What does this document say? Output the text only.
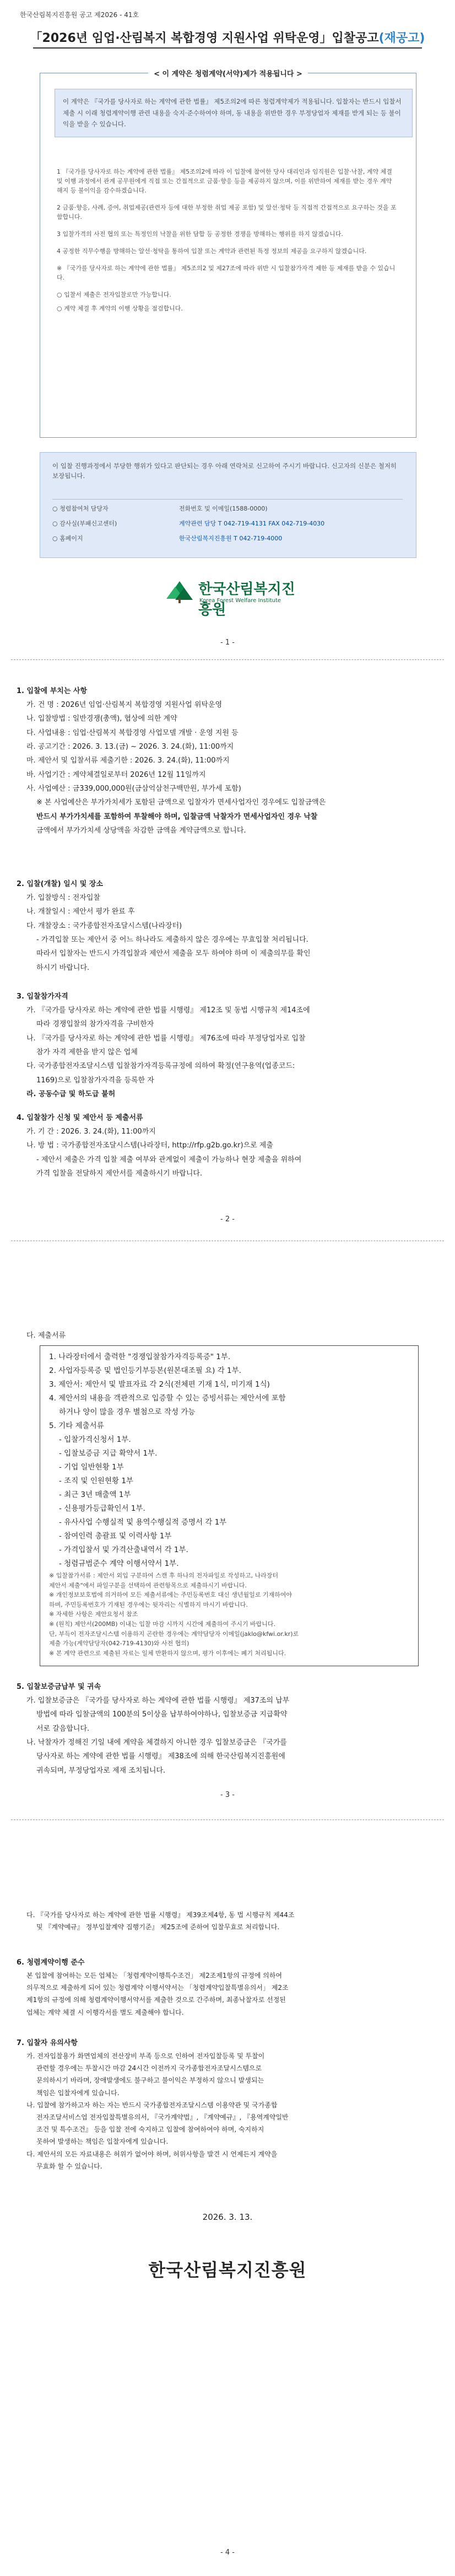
한국산림복지진흥원 공고 제2026 - 41호
「2026년 임업·산림복지 복합경영 지원사업 위탁운영」입찰공고(재공고)
< 이 계약은 청렴계약(서약)제가 적용됩니다 >
이 계약은 『국가를 당사자로 하는 계약에 관한 법률』 제5조의2에 따른 청렴계약제가 적용됩니다. 입찰자는 반드시 입찰서 제출 시 이래 청렴계약이행 관련 내용을 숙지·준수하여야 하며, 동 내용을 위반한 경우 부정당업자 제재를 받게 되는 등 불이익을 받을 수 있습니다.

1 『국가를 당사자로 하는 계약에 관한 법률』 제5조의2에 따라 이 입찰에 참여한 당사 대리인과 임직원은 입찰·낙찰, 계약 체결 및 이행 과정에서 관계 공무원에게 직접 또는 간접적으로 금품·향응 등을 제공하지 않으며, 이를 위반하여 제재를 받는 경우 계약 해지 등 불이익을 감수하겠습니다.

2 금품·향응, 사례, 증여, 취업제공(관련자 등에 대한 부정한 취업 제공 포함) 및 알선·청탁 등 직접적 간접적으로 요구하는 것을 포함합니다.

3 입찰가격의 사전 협의 또는 특정인의 낙찰을 위한 담합 등 공정한 경쟁을 방해하는 행위를 하지 않겠습니다.

4 공정한 직무수행을 방해하는 알선·청탁을 통하여 입찰 또는 계약과 관련된 특정 정보의 제공을 요구하지 않겠습니다.

※ 『국가를 당사자로 하는 계약에 관한 법률』 제5조의2 및 제27조에 따라 위반 시 입찰참가자격 제한 등 제재를 받을 수 있습니다.

○ 입찰서 제출은 전자입찰로만 가능합니다.

○ 계약 체결 후 계약의 이행 상황을 점검합니다.

이 입찰 진행과정에서 부당한 행위가 있다고 판단되는 경우 아래 연락처로 신고하여 주시기 바랍니다. 신고자의 신분은 철저히 보장됩니다.
○ 청렴참여처 담당자	전화번호 및 이메일(1588-0000)
○ 감사실(부패신고센터)	계약관련 담당 T 042-719-4131 FAX 042-719-4030
○ 홈페이지	한국산림복지진흥원 T 042-719-4000
한국산림복지진흥원
Korea Forest Welfare Institute
- 1 -
1. 입찰에 부치는 사항
가. 건 명 : 2026년 임업·산림복지 복합경영 지원사업 위탁운영
나. 입찰방법 : 일반경쟁(총액), 협상에 의한 계약
다. 사업내용 : 임업·산림복지 복합경영 사업모델 개발 · 운영 지원 등
라. 공고기간 : 2026. 3. 13.(금) ~ 2026. 3. 24.(화), 11:00까지
마. 제안서 및 입찰서류 제출기한 : 2026. 3. 24.(화), 11:00까지
바. 사업기간 : 계약체결일로부터 2026년 12월 11일까지
사. 사업예산 : 금339,000,000원(금삼억삼천구백만원, 부가세 포함)
※ 본 사업예산은 부가가치세가 포함된 금액으로 입찰자가 면세사업자인 경우에도 입찰금액은
반드시 부가가치세를 포함하여 투찰해야 하며, 입찰금액 낙찰자가 면세사업자인 경우 낙찰
금액에서 부가가치세 상당액을 차감한 금액을 계약금액으로 합니다.
2. 입찰(개찰) 일시 및 장소
가. 입찰방식 : 전자입찰
나. 개찰일시 : 제안서 평가 완료 후
다. 개찰장소 : 국가종합전자조달시스템(나라장터)
- 가격입찰 또는 제안서 중 어느 하나라도 제출하지 않은 경우에는 무효입찰 처리됩니다.
따라서 입찰자는 반드시 가격입찰과 제안서 제출을 모두 하여야 하며 이 제출의무를 확인
하시기 바랍니다.
3. 입찰참가자격
가. 『국가를 당사자로 하는 계약에 관한 법률 시행령』 제12조 및 동법 시행규칙 제14조에
따라 경쟁입찰의 참가자격을 구비한자
나. 『국가를 당사자로 하는 계약에 관한 법률 시행령』 제76조에 따라 부정당업자로 입찰
참가 자격 제한을 받지 않은 업체
다. 국가종합전자조달시스템 입찰참가자격등록규정에 의하여 확정(연구용역(업종코드:
1169)으로 입찰참가자격을 등록한 자
라. 공동수급 및 하도급 불허
4. 입찰참가 신청 및 제안서 등 제출서류
가. 기 간 : 2026. 3. 24.(화), 11:00까지
나. 방 법 : 국가종합전자조달시스템(나라장터, http://rfp.g2b.go.kr)으로 제출
- 제안서 제출은 가격 입찰 제출 여부와 관계없이 제출이 가능하나 현장 제출을 위하여
가격 입찰을 전달하지 제안서를 제출하시기 바랍니다.
- 2 -
다. 제출서류
1. 나라장터에서 출력한 "경쟁입찰참가자격등록증" 1부.
2. 사업자등록증 및 법인등기부등본(원본대조필 요) 각 1부.
3. 제안서: 제안서 및 발표자료 각 2식(전체편 기재 1식, 미기재 1식)
4. 제안서의 내용을 객관적으로 입증할 수 있는 증빙서류는 제안서에 포함
하거나 양이 많을 경우 별첨으로 작성 가능
5. 기타 제출서류
- 입찰가격신청서 1부.
- 입찰보증금 지급 확약서 1부.
- 기업 일반현황 1부
- 조직 및 인원현황 1부
- 최근 3년 매출액 1부
- 신용평가등급확인서 1부.
- 유사사업 수행실적 및 용역수행실적 증명서 각 1부
- 참여인력 총괄표 및 이력사항 1부
- 가격입찰서 및 가격산출내역서 각 1부.
- 청렴규범준수 계약 이행서약서 1부.
※ 입찰참가서류 : 제안서 외입 구분하여 스캔 후 하나의 전자파일로 작성하고, 나라장터
제안서 제출"에서 파일구분을 선택하여 관련항목으로 제출하시기 바랍니다.
※ 개인정보보호법에 의거하여 모든 제출서류에는 주민등록번호 대신 생년월일로 기재하여야
하며, 주민등록번호가 기재된 경우에는 뒷자리는 식별하지 마시기 바랍니다.
※ 자세한 사항은 제안요청서 참조
※ (원칙) 제안서(200MB) 이내는 입찰 마감 시까지 시간에 제출하여 주시기 바랍니다.
단, 부득이 전자조달시스템 이용하지 곤란한 경우에는 계약담당자 이메일(jaklo@kfwi.or.kr)로
제출 가능(계약담당자(042-719-4130)와 사전 협의)
※ 본 계약 관련으로 제출된 자료는 일체 반환하지 않으며, 평가 이후에는 폐기 처리됩니다.
5. 입찰보증금납부 및 귀속
가. 입찰보증금은 『국가를 당사자로 하는 계약에 관한 법률 시행령』 제37조의 납부
방법에 따라 입찰금액의 100분의 5이상을 납부하여야하나, 입찰보증금 지급확약
서로 갈음합니다.
나. 낙찰자가 정해진 기일 내에 계약을 체결하지 아니한 경우 입찰보증금은 『국가를
당사자로 하는 계약에 관한 법률 시행령』 제38조에 의해 한국산림복지진흥원에
귀속되며, 부정당업자로 제재 조치됩니다.
- 3 -
다. 『국가를 당사자로 하는 계약에 관한 법률 시행령』 제39조제4항, 동 법 시행규칙 제44조
및 『계약예규』 정부입찰계약 집행기준』 제25조에 준하여 입찰무효로 처리합니다.
6. 청렴계약이행 준수
본 입찰에 참여하는 모든 업체는 「청렴계약이행특수조건」 제2조제1항의 규정에 의하여
의무적으로 제출하게 되어 있는 청렴계약 이행서약서는 「청렴계약입찰특별유의서」 제2조
제1항의 규정에 의해 청렴계약이행서약서를 제출한 것으로 간주하며, 최종낙찰자로 선정된
업체는 계약 체결 시 이행각서를 별도 제출해야 합니다.
7. 입찰자 유의사항
가. 전자입찰용가 화면업체의 전산장비 부족 등으로 인하여 전자입찰등록 및 투찰이
관련할 경우에는 투찰시간 마감 24시간 이전까지 국가종합전자조달시스템으로
문의하시기 바라며, 장애발생에도 불구하고 불이익은 부정하지 않으니 발생되는
책임은 입찰자에게 있습니다.
나. 입찰에 참가하고자 하는 자는 반드시 국가종합전자조달시스템 이용약관 및 국가종합
전자조달서비스업 전자입찰특별유의서, 『국가계약법』, 『계약예규』, 『용역계약일반
조건 및 특수조건』 등을 입찰 전에 숙지하고 입찰에 참여하여야 하며, 숙지하지
못하여 발생하는 책임은 입찰자에게 있습니다.
다. 제안서의 모든 자료내용은 허위가 없어야 하며, 허위사항을 발견 시 언제든지 계약을
무효화 할 수 있습니다.
2026. 3. 13.
한국산림복지진흥원
- 4 -
